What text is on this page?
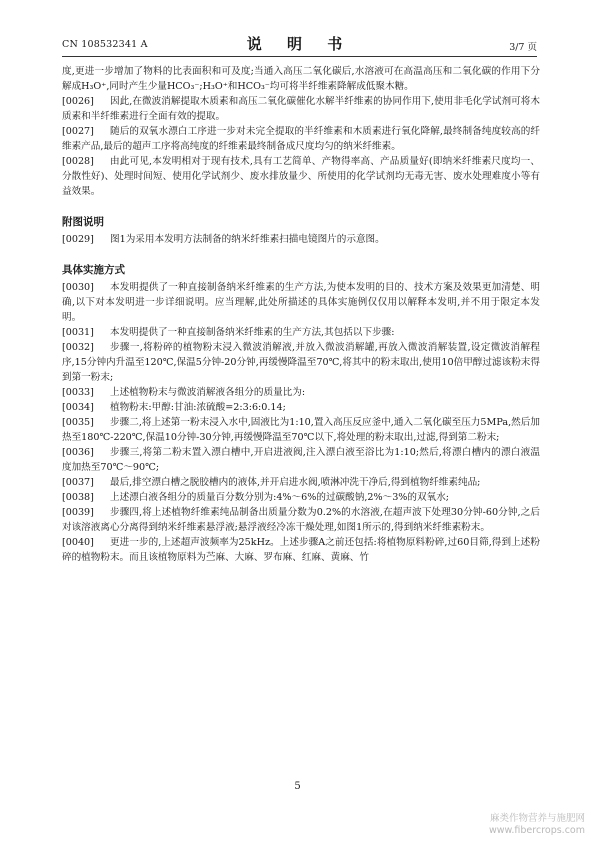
CN 108532341 A	说 明 书	3/7 页

度,更进一步增加了物料的比表面积和可及度;当通入高压二氧化碳后,水溶液可在高温高压和二氧化碳的作用下分解成H₃O⁺,同时产生少量HCO₃⁻;H₃O⁺和HCO₃⁻均可将半纤维素降解成低聚木糖。

[0026]	因此,在微波消解提取木质素和高压二氧化碳催化水解半纤维素的协同作用下,使用非毛化学试剂可将木质素和半纤维素进行全面有效的提取。

[0027]	随后的双氧水漂白工序进一步对未完全提取的半纤维素和木质素进行氧化降解,最终制备纯度较高的纤维素产品,最后的超声工序将高纯度的纤维素最终制备成尺度均匀的纳米纤维素。

[0028]	由此可见,本发明相对于现有技术,具有工艺简单、产物得率高、产品质量好(即纳米纤维素尺度均一、分散性好)、处理时间短、使用化学试剂少、废水排放量少、所使用的化学试剂均无毒无害、废水处理难度小等有益效果。

附图说明

[0029]	图1为采用本发明方法制备的纳米纤维素扫描电镜图片的示意图。

具体实施方式

[0030]	本发明提供了一种直接制备纳米纤维素的生产方法,为使本发明的目的、技术方案及效果更加清楚、明确,以下对本发明进一步详细说明。应当理解,此处所描述的具体实施例仅仅用以解释本发明,并不用于限定本发明。

[0031]	本发明提供了一种直接制备纳米纤维素的生产方法,其包括以下步骤:

[0032]	步骤一,将粉碎的植物粉末浸入微波消解液,并放入微波消解罐,再放入微波消解装置,设定微波消解程序,15分钟内升温至120℃,保温5分钟-20分钟,再缓慢降温至70℃,将其中的粉末取出,使用10倍甲醇过滤该粉末得到第一粉末;

[0033]	上述植物粉末与微波消解液各组分的质量比为:

[0034]	植物粉末:甲醇:甘油:浓硫酸=2:3:6:0.14;

[0035]	步骤二,将上述第一粉末浸入水中,固液比为1:10,置入高压反应釜中,通入二氧化碳至压力5MPa,然后加热至180℃-220℃,保温10分钟-30分钟,再缓慢降温至70℃以下,将处理的粉末取出,过滤,得到第二粉末;

[0036]	步骤三,将第二粉末置入漂白槽中,开启进液阀,注入漂白液至浴比为1:10;然后,将漂白槽内的漂白液温度加热至70℃～90℃;

[0037]	最后,排空漂白槽之脱胶槽内的液体,并开启进水阀,喷淋冲洗干净后,得到植物纤维素纯品;

[0038]	上述漂白液各组分的质量百分数分别为:4%～6%的过碳酸钠,2%～3%的双氧水;

[0039]	步骤四,将上述植物纤维素纯品制备出质量分数为0.2%的水溶液,在超声波下处理30分钟-60分钟,之后对该溶液离心分离得到纳米纤维素悬浮液;悬浮液经冷冻干燥处理,如图1所示的,得到纳米纤维素粉末。

[0040]	更进一步的,上述超声波频率为25kHz。上述步骤A之前还包括:将植物原料粉碎,过60目筛,得到上述粉碎的植物粉末。而且该植物原料为苎麻、大麻、罗布麻、红麻、黄麻、竹

5
麻类作物营养与施肥网
www.fibercrops.com
